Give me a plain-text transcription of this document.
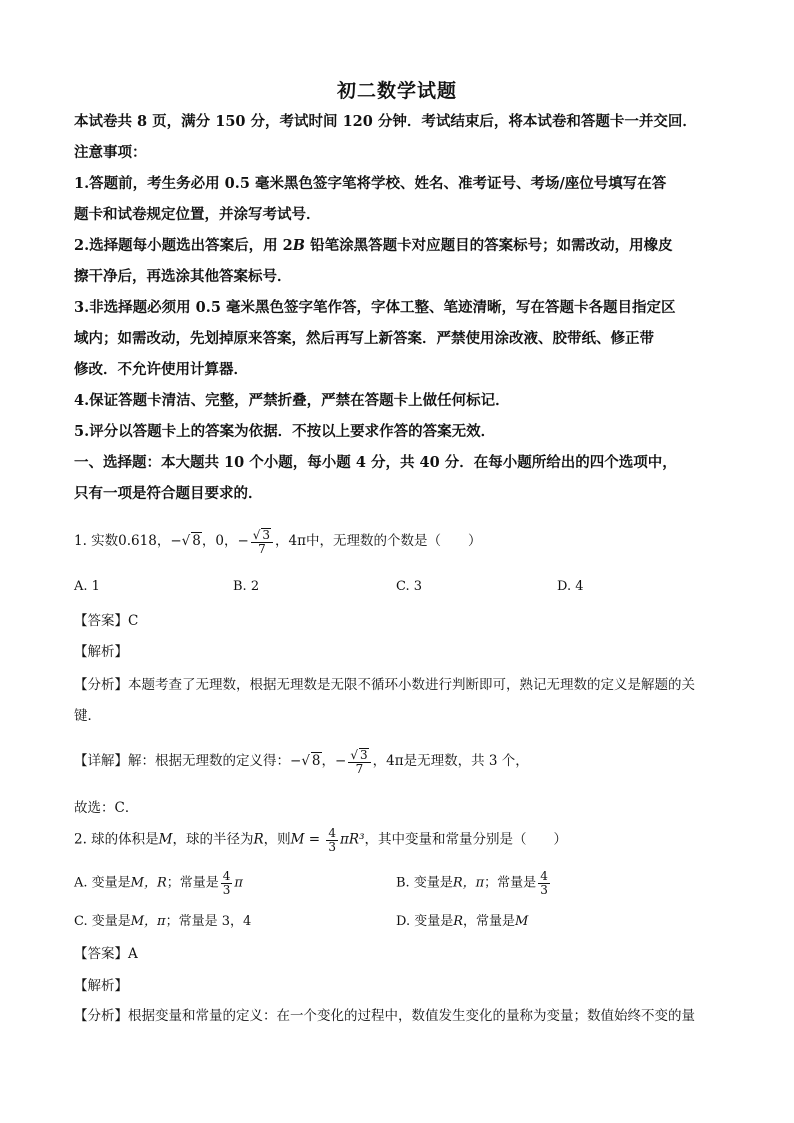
初二数学试题
本试卷共 8 页，满分 150 分，考试时间 120 分钟．考试结束后，将本试卷和答题卡一并交回．
注意事项：
1.答题前，考生务必用 0.5 毫米黑色签字笔将学校、姓名、准考证号、考场/座位号填写在答
题卡和试卷规定位置，并涂写考试号．
2.选择题每小题选出答案后，用 2B 铅笔涂黑答题卡对应题目的答案标号；如需改动，用橡皮
擦干净后，再选涂其他答案标号．
3.非选择题必须用 0.5 毫米黑色签字笔作答，字体工整、笔迹清晰，写在答题卡各题目指定区
域内；如需改动，先划掉原来答案，然后再写上新答案．严禁使用涂改液、胶带纸、修正带
修改．不允许使用计算器．
4.保证答题卡清洁、完整，严禁折叠，严禁在答题卡上做任何标记．
5.评分以答题卡上的答案为依据．不按以上要求作答的答案无效．
一、选择题：本大题共 10 个小题，每小题 4 分，共 40 分．在每小题所给出的四个选项中，
只有一项是符合题目要求的．
1. 实数0.618，−√ 8，0，− $\frac{√ 3}{7}$ ，4π中，无理数的个数是（　　）
A. 1	B. 2	C. 3	D. 4
【答案】C
【解析】
【分析】本题考查了无理数，根据无理数是无限不循环小数进行判断即可，熟记无理数的定义是解题的关
键．
【详解】解：根据无理数的定义得：−√ 8，− $\frac{√ 3}{7}$ ，4π是无理数，共 3 个，
故选：C．
2. 球的体积是M，球的半径为R，则$M = \frac{4}{3} \pi R^3$，其中变量和常量分别是（　　）
A. 变量是M，R；常量是 $\frac{4}{3}$ π	B. 变量是R，π；常量是 $\frac{4}{3}$
C. 变量是M，π；常量是 3，4	D. 变量是R，常量是M
【答案】A
【解析】
【分析】根据变量和常量的定义：在一个变化的过程中，数值发生变化的量称为变量；数值始终不变的量
